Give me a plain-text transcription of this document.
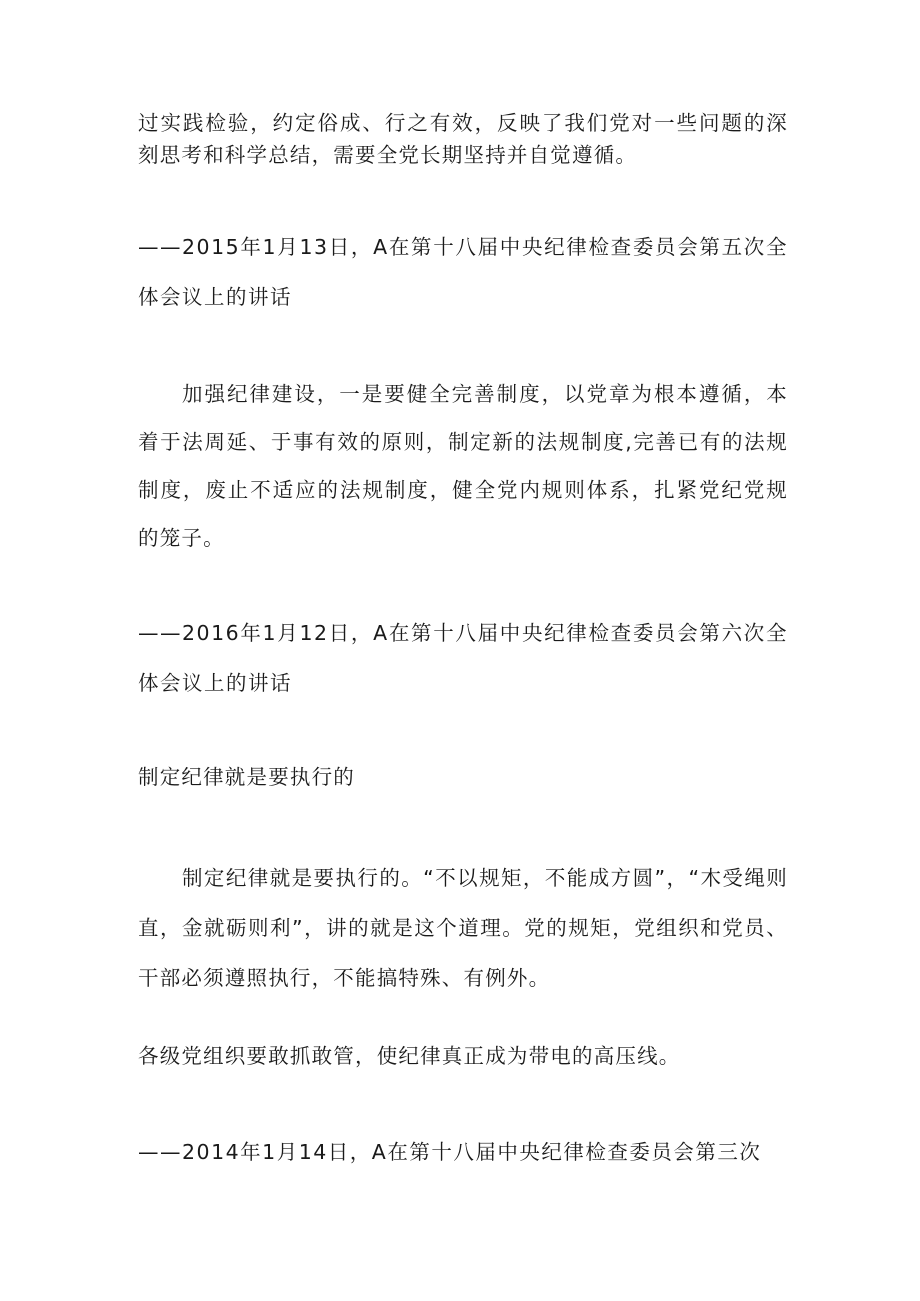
过实践检验，约定俗成、行之有效，反映了我们党对一些问题的深刻思考和科学总结，需要全党长期坚持并自觉遵循。

——2015年1月13日，A在第十八届中央纪律检查委员会第五次全体会议上的讲话

加强纪律建设，一是要健全完善制度，以党章为根本遵循，本着于法周延、于事有效的原则，制定新的法规制度,完善已有的法规制度，废止不适应的法规制度，健全党内规则体系，扎紧党纪党规的笼子。

——2016年1月12日，A在第十八届中央纪律检查委员会第六次全体会议上的讲话

制定纪律就是要执行的

制定纪律就是要执行的。“不以规矩，不能成方圆”，“木受绳则直，金就砺则利”，讲的就是这个道理。党的规矩，党组织和党员、干部必须遵照执行，不能搞特殊、有例外。

各级党组织要敢抓敢管，使纪律真正成为带电的高压线。

——2014年1月14日，A在第十八届中央纪律检查委员会第三次
